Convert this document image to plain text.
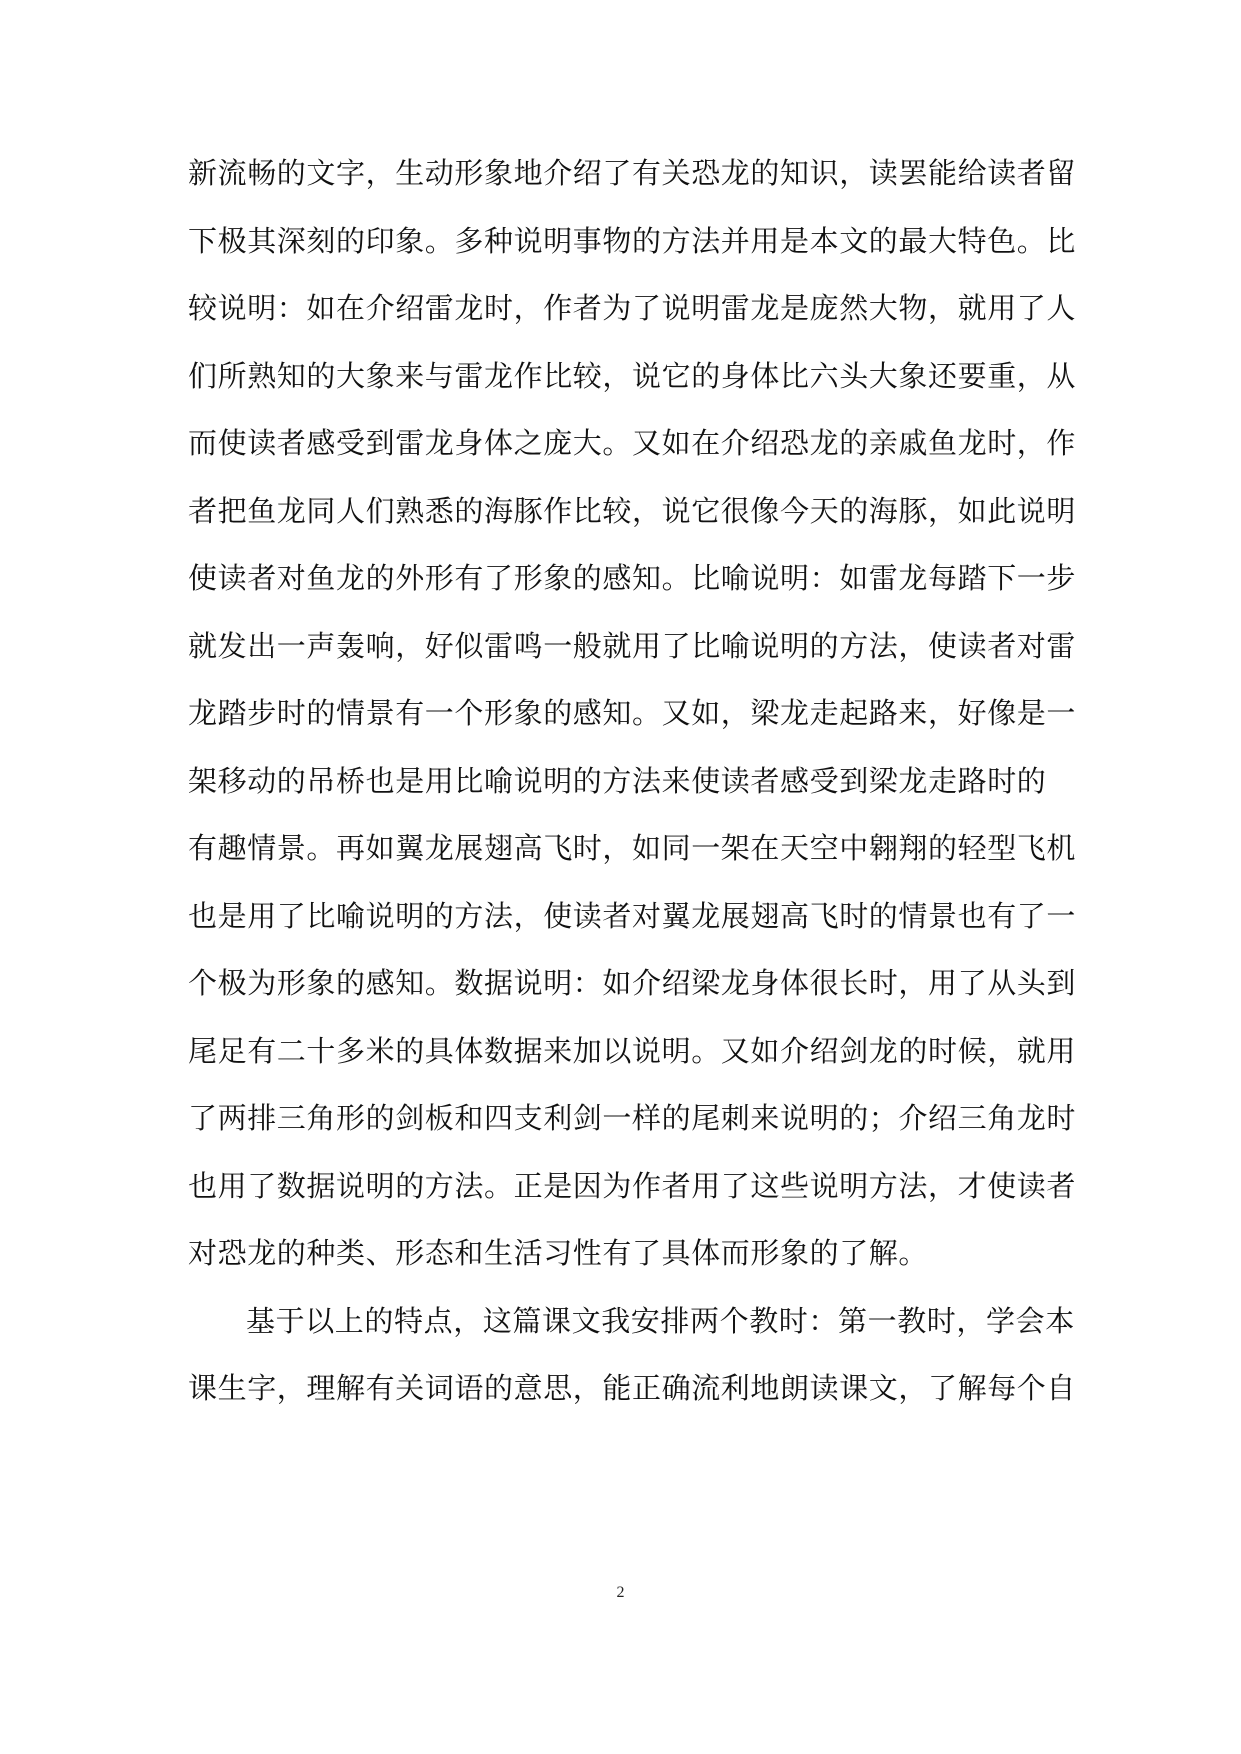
新流畅的文字，生动形象地介绍了有关恐龙的知识，读罢能给读者留
下极其深刻的印象。多种说明事物的方法并用是本文的最大特色。比
较说明：如在介绍雷龙时，作者为了说明雷龙是庞然大物，就用了人
们所熟知的大象来与雷龙作比较，说它的身体比六头大象还要重，从
而使读者感受到雷龙身体之庞大。又如在介绍恐龙的亲戚鱼龙时，作
者把鱼龙同人们熟悉的海豚作比较，说它很像今天的海豚，如此说明
使读者对鱼龙的外形有了形象的感知。比喻说明：如雷龙每踏下一步
就发出一声轰响，好似雷鸣一般就用了比喻说明的方法，使读者对雷
龙踏步时的情景有一个形象的感知。又如，梁龙走起路来，好像是一
架移动的吊桥也是用比喻说明的方法来使读者感受到梁龙走路时的
有趣情景。再如翼龙展翅高飞时，如同一架在天空中翱翔的轻型飞机
也是用了比喻说明的方法，使读者对翼龙展翅高飞时的情景也有了一
个极为形象的感知。数据说明：如介绍梁龙身体很长时，用了从头到
尾足有二十多米的具体数据来加以说明。又如介绍剑龙的时候，就用
了两排三角形的剑板和四支利剑一样的尾刺来说明的；介绍三角龙时
也用了数据说明的方法。正是因为作者用了这些说明方法，才使读者
对恐龙的种类、形态和生活习性有了具体而形象的了解。
基于以上的特点，这篇课文我安排两个教时：第一教时，学会本
课生字，理解有关词语的意思，能正确流利地朗读课文，了解每个自
2
